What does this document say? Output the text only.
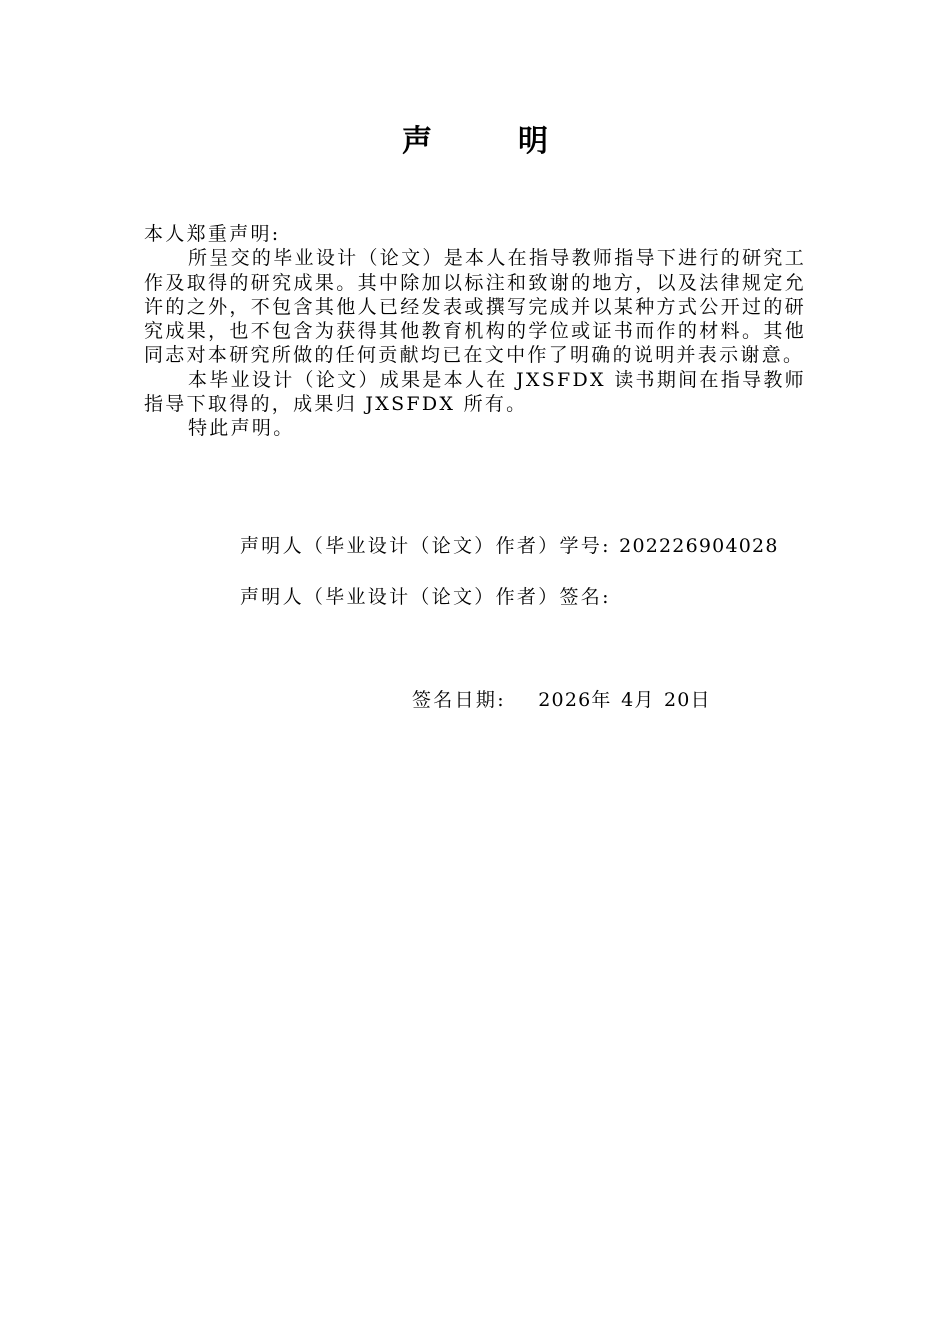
声	明

本人郑重声明:

所呈交的毕业设计（论文）是本人在指导教师指导下进行的研究工作及取得的研究成果。其中除加以标注和致谢的地方，以及法律规定允许的之外，不包含其他人已经发表或撰写完成并以某种方式公开过的研究成果，也不包含为获得其他教育机构的学位或证书而作的材料。其他同志对本研究所做的任何贡献均已在文中作了明确的说明并表示谢意。

本毕业设计（论文）成果是本人在 JXSFDX 读书期间在指导教师指导下取得的，成果归 JXSFDX 所有。

特此声明。

声明人（毕业设计（论文）作者）学号: 202226904028
声明人（毕业设计（论文）作者）签名:
签名日期: 2026年 4月 20日
